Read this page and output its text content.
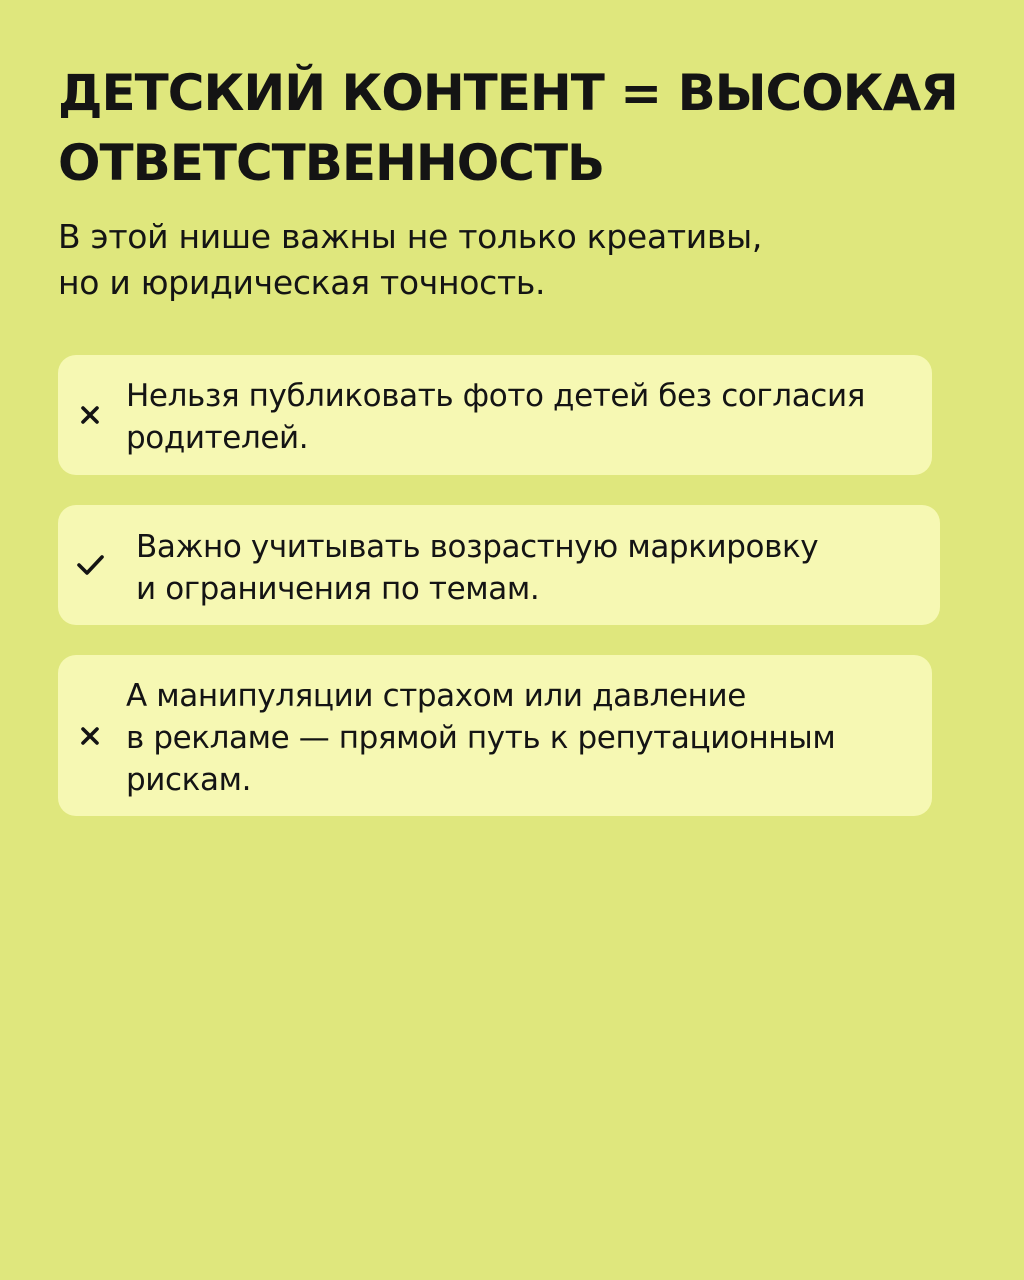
ДЕТСКИЙ КОНТЕНТ = ВЫСОКАЯ
ОТВЕТСТВЕННОСТЬ

В этой нише важны не только креативы,
но и юридическая точность.

Нельзя публиковать фото детей без согласия
родителей.

Важно учитывать возрастную маркировку
и ограничения по темам.

А манипуляции страхом или давление
в рекламе — прямой путь к репутационным
рискам.
